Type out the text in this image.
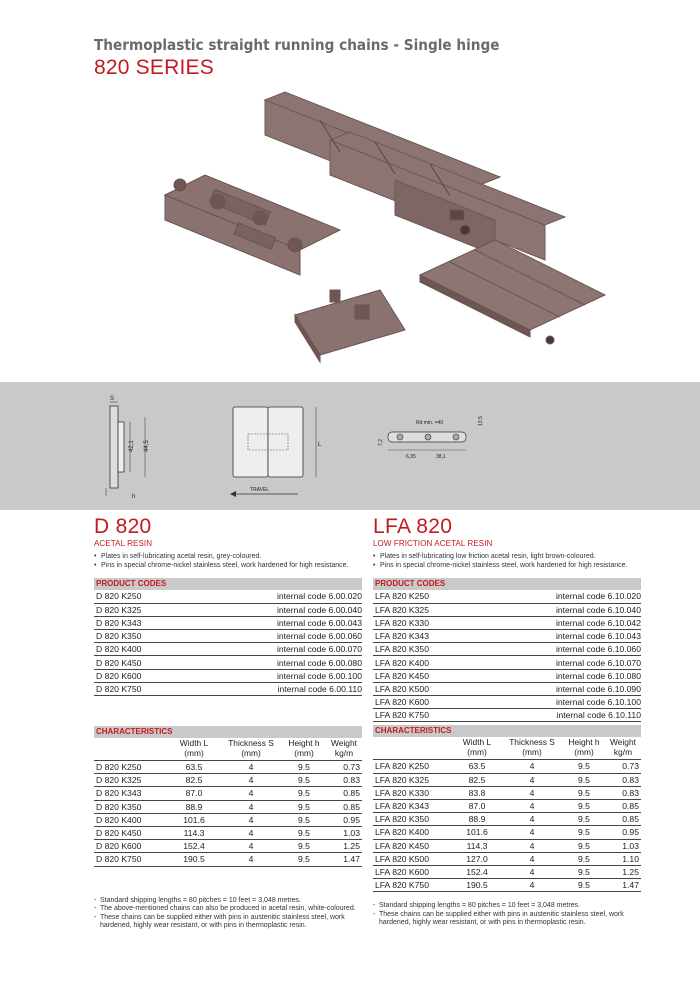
Thermoplastic straight running chains - Single hinge
820 SERIES
S
42,1 44,5
h
L
TRAVEL
Rd min. =40	13,5
7,2
6,35	38,1
D 820
ACETAL RESIN
• Plates in self-lubricating acetal resin, grey-coloured.
• Pins in special chrome-nickel stainless steel, work hardened for high resistance.
PRODUCT CODES
D 820 K250	internal code 6.00.020
D 820 K325	internal code 6.00.040
D 820 K343	internal code 6.00.043
D 820 K350	internal code 6.00.060
D 820 K400	internal code 6.00.070
D 820 K450	internal code 6.00.080
D 820 K600	internal code 6.00.100
D 820 K750	internal code 6.00.110
CHARACTERISTICS
	Width L
(mm)	Thickness S
(mm)	Height h
(mm)	Weight
kg/m
D 820 K250	63.5	4	9.5	0.73
D 820 K325	82.5	4	9.5	0.83
D 820 K343	87.0	4	9.5	0.85
D 820 K350	88.9	4	9.5	0.85
D 820 K400	101.6	4	9.5	0.95
D 820 K450	114.3	4	9.5	1.03
D 820 K600	152.4	4	9.5	1.25
D 820 K750	190.5	4	9.5	1.47
- Standard shipping lengths = 80 pitches = 10 feet = 3,048 metres.
- The above-mentioned chains can also be produced in acetal resin, white-coloured.
- These chains can be supplied either with pins in austenitic stainless steel, work hardened, highly wear resistant, or with pins in thermoplastic resin.
LFA 820
LOW FRICTION ACETAL RESIN
• Plates in self-lubricating low friction acetal resin, light brown-coloured.
• Pins in special chrome-nickel stainless steel, work hardened for high resistance.
PRODUCT CODES
LFA 820 K250	internal code 6.10.020
LFA 820 K325	internal code 6.10.040
LFA 820 K330	internal code 6.10.042
LFA 820 K343	internal code 6.10.043
LFA 820 K350	internal code 6.10.060
LFA 820 K400	internal code 6.10.070
LFA 820 K450	internal code 6.10.080
LFA 820 K500	internal code 6.10.090
LFA 820 K600	internal code 6.10.100
LFA 820 K750	internal code 6.10.110
CHARACTERISTICS
	Width L
(mm)	Thickness S
(mm)	Height h
(mm)	Weight
kg/m
LFA 820 K250	63.5	4	9.5	0.73
LFA 820 K325	82.5	4	9.5	0.83
LFA 820 K330	83.8	4	9.5	0.83
LFA 820 K343	87.0	4	9.5	0.85
LFA 820 K350	88.9	4	9.5	0.85
LFA 820 K400	101.6	4	9.5	0.95
LFA 820 K450	114.3	4	9.5	1.03
LFA 820 K500	127.0	4	9.5	1.10
LFA 820 K600	152.4	4	9.5	1.25
LFA 820 K750	190.5	4	9.5	1.47
- Standard shipping lengths = 80 pitches = 10 feet = 3,048 metres.
- These chains can be supplied either with pins in austenitic stainless steel, work hardened, highly wear resistant, or with pins in thermoplastic resin.
